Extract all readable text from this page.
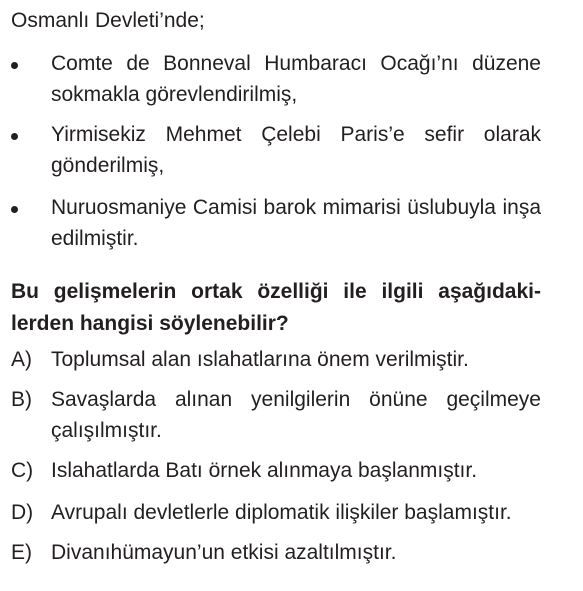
Osmanlı Devleti’nde;
Comte de Bonneval Humbaracı Ocağı’nı düzene sokmakla görevlendirilmiş,
Yirmisekiz Mehmet Çelebi Paris’e sefir olarak gönderilmiş,
Nuruosmaniye Camisi barok mimarisi üslubuyla inşa edilmiştir.
Bu gelişmelerin ortak özelliği ile ilgili aşağıdakilerden hangisi söylenebilir?
A) Toplumsal alan ıslahatlarına önem verilmiştir.
B) Savaşlarda alınan yenilgilerin önüne geçilmeye çalışılmıştır.
C) Islahatlarda Batı örnek alınmaya başlanmıştır.
D) Avrupalı devletlerle diplomatik ilişkiler başlamıştır.
E) Divanıhümayun’un etkisi azaltılmıştır.
